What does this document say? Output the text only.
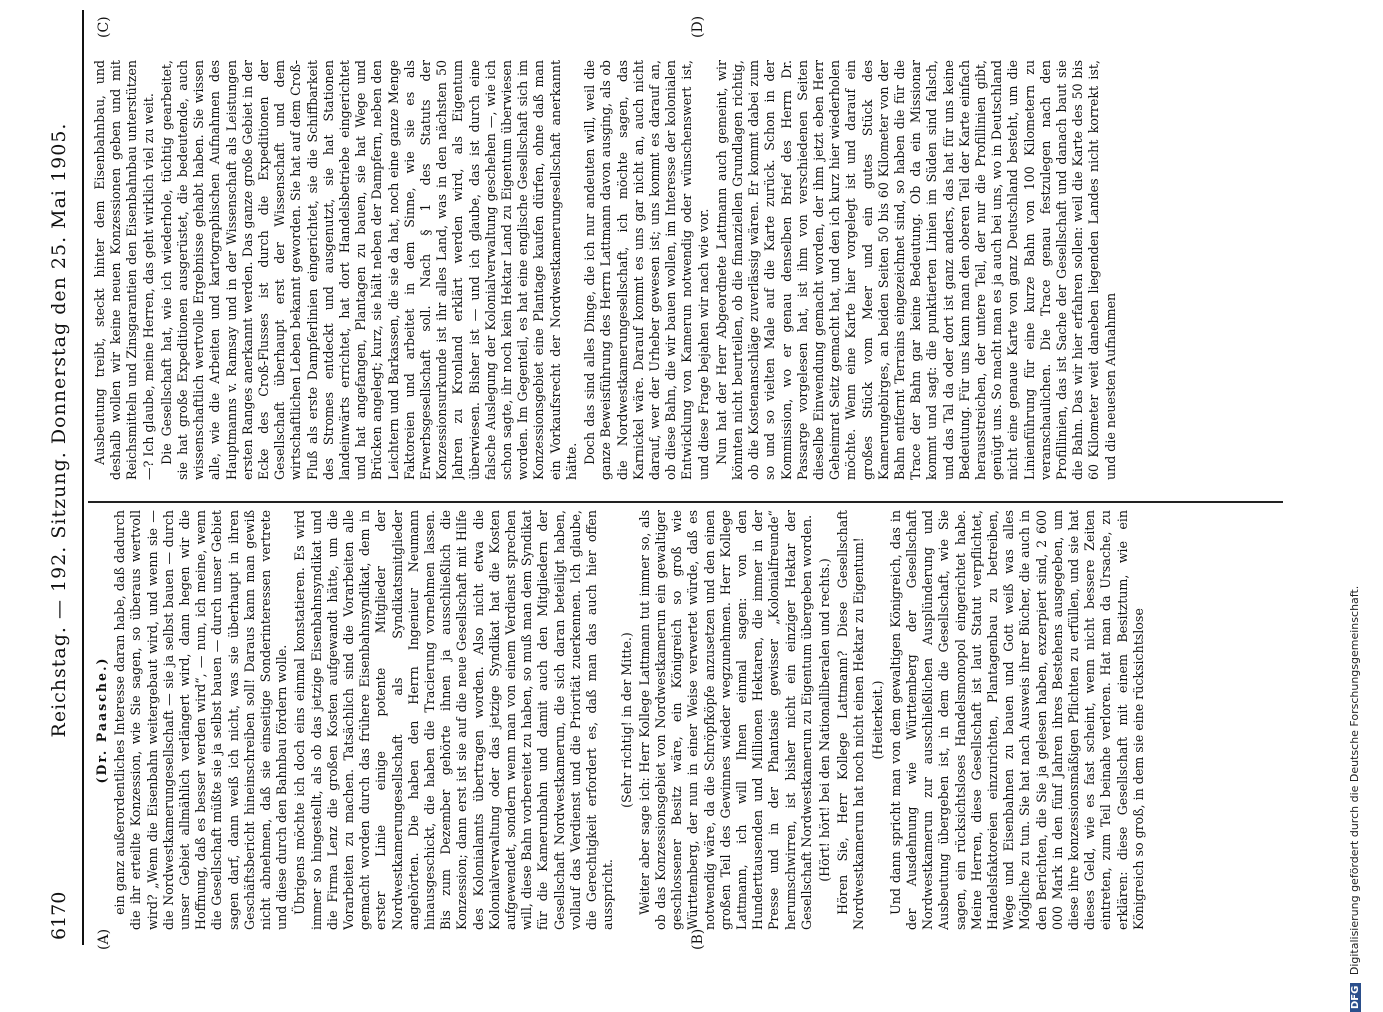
6170
Reichstag. — 192. Sitzung. Donnerstag den 25. Mai 1905.
(A)	(B)
(C)	(D)

(Dr. Paasche.) ein ganz außerordentliches Interesse daran habe, daß dadurch die ihr erteilte Konzession, wie Sie sagen, so überaus wertvoll wird? „Wenn die Eisenbahn weitergebaut wird, und wenn sie — die Nordwestkamerungesellschaft — sie ja selbst bauen — durch unser Gebiet allmählich verlängert wird, dann hegen wir die Hoffnung, daß es besser werden wird“, — nun, ich meine, wenn die Gesellschaft müßte sie ja selbst bauen — durch unser Gebiet sagen darf, dann weiß ich nicht, was sie überhaupt in ihren Geschäftsbericht hineinschreiben soll! Daraus kann man gewiß nicht abnehmen, daß sie einseitige Sonderinteressen vertrete und diese durch den Bahnbau fördern wolle. Übrigens möchte ich doch eins einmal konstatieren. Es wird immer so hingestellt, als ob das jetzige Eisenbahnsyndikat und die Firma Lenz die großen Kosten aufgewandt hätte, um die Vorarbeiten zu machen. Tatsächlich sind die Vorarbeiten alle gemacht worden durch das frühere Eisenbahnsyndikat, dem in erster Linie einige potente Mitglieder der Nordwestkamerungesellschaft als Syndikatsmitglieder angehörten. Die haben den Herrn Ingenieur Neumann hinausgeschickt, die haben die Tracierung vornehmen lassen. Bis zum Dezember gehörte ihnen ja ausschließlich die Konzession; dann erst ist sie auf die neue Gesellschaft mit Hilfe des Kolonialamts übertragen worden. Also nicht etwa die Kolonialverwaltung oder das jetzige Syndikat hat die Kosten aufgewendet, sondern wenn man von einem Verdienst sprechen will, diese Bahn vorbereitet zu haben, so muß man dem Syndikat für die Kamerunbahn und damit auch den Mitgliedern der Gesellschaft Nordwestkamerun, die sich daran beteiligt haben, vollauf das Verdienst und die Priorität zuerkennen. Ich glaube, die Gerechtigkeit erfordert es, daß man das auch hier offen ausspricht.

(Sehr richtig! in der Mitte.) Weiter aber sage ich: Herr Kollege Lattmann tut immer so, als ob das Konzessionsgebiet von Nordwestkamerun ein gewaltiger geschlossener Besitz wäre, ein Königreich so groß wie Württemberg, der nun in einer Weise verwertet würde, daß es notwendig wäre, da die Schröpfköpfe anzusetzen und den einen großen Teil des Gewinnes wieder wegzunehmen. Herr Kollege Lattmann, ich will Ihnen einmal sagen: von den Hunderttausenden und Millionen Hektaren, die immer in der Presse und in der Phantasie gewisser „Kolonialfreunde“ herumschwirren, ist bisher nicht ein einziger Hektar der Gesellschaft Nordwestkamerun zu Eigentum übergeben worden. (Hört! hört! bei den Nationalliberalen und rechts.) Hören Sie, Herr Kollege Lattmann? Diese Gesellschaft Nordwestkamerun hat noch nicht einen Hektar zu Eigentum! (Heiterkeit.) Und dann spricht man von dem gewaltigen Königreich, das in der Ausdehnung wie Württemberg der Gesellschaft Nordwestkamerun zur ausschließlichen Ausplünderung und Ausbeutung übergeben ist, in dem die Gesellschaft, wie Sie sagen, ein rücksichtsloses Handelsmonopol eingerichtet habe. Meine Herren, diese Gesellschaft ist laut Statut verpflichtet, Handelsfaktoreien einzurichten, Plantagenbau zu betreiben, Wege und Eisenbahnen zu bauen und Gott weiß was alles Mögliche zu tun. Sie hat nach Ausweis ihrer Bücher, die auch in den Berichten, die Sie ja gelesen haben, exzerpiert sind, 2 600 000 Mark in den fünf Jahren ihres Bestehens ausgegeben, um diese ihre konzessionsmäßigen Pflichten zu erfüllen, und sie hat dieses Geld, wie es fast scheint, wenn nicht bessere Zeiten eintreten, zum Teil beinahe verloren. Hat man da Ursache, zu erklären: diese Gesellschaft mit einem Besitztum, wie ein Königreich so groß, in dem sie eine rücksichtslose

Ausbeutung treibt, steckt hinter dem Eisenbahnbau, und deshalb wollen wir keine neuen Konzessionen geben und mit Reichsmitteln und Zinsgarantien den Eisenbahnbau unterstützen —? Ich glaube, meine Herren, das geht wirklich viel zu weit. Die Gesellschaft hat, wie ich wiederhole, tüchtig gearbeitet, sie hat große Expeditionen ausgerüstet, die bedeutende, auch wissenschaftlich wertvolle Ergebnisse gehabt haben. Sie wissen alle, wie die Arbeiten und kartographischen Aufnahmen des Hauptmanns v. Ramsay und in der Wissenschaft als Leistungen ersten Ranges anerkannt werden. Das ganze große Gebiet in der Ecke des Croß-Flusses ist durch die Expeditionen der Gesellschaft überhaupt erst der Wissenschaft und dem wirtschaftlichen Leben bekannt geworden. Sie hat auf dem Croß-Fluß als erste Dampferlinien eingerichtet, sie die Schiffbarkeit des Stromes entdeckt und ausgenutzt, sie hat Stationen landeinwärts errichtet, hat dort Handelsbetriebe eingerichtet und hat angefangen, Plantagen zu bauen, sie hat Wege und Brücken angelegt; kurz, sie hält neben der Dampfern, neben den Leichtern und Barkassen, die sie da hat, noch eine ganze Menge Faktoreien und arbeitet in dem Sinne, wie sie es als Erwerbsgesellschaft soll. Nach § 1 des Statuts der Konzessionsurkunde ist ihr alles Land, was in den nächsten 50 Jahren zu Kronland erklärt werden wird, als Eigentum überwiesen. Bisher ist — und ich glaube, das ist durch eine falsche Auslegung der Kolonialverwaltung geschehen —, wie ich schon sagte, ihr noch kein Hektar Land zu Eigentum überwiesen worden. Im Gegenteil, es hat eine englische Gesellschaft sich im Konzessionsgebiet eine Plantage kaufen dürfen, ohne daß man ein Vorkaufsrecht der Nordwestkamerungesellschaft anerkannt hätte. Doch das sind alles Dinge, die ich nur andeuten will, weil die ganze Beweisführung des Herrn Lattmann davon ausging, als ob die Nordwestkamerungesellschaft, ich möchte sagen, das Karnickel wäre. Darauf kommt es uns gar nicht an, auch nicht darauf, wer der Urheber gewesen ist; uns kommt es darauf an, ob diese Bahn, die wir bauen wollen, im Interesse der kolonialen Entwicklung von Kamerun notwendig oder wünschenswert ist, und diese Frage bejahen wir nach wie vor. Nun hat der Herr Abgeordnete Lattmann auch gemeint, wir könnten nicht beurteilen, ob die finanziellen Grundlagen richtig, ob die Kostenanschläge zuverlässig wären. Er kommt dabei zum so und so vielten Male auf die Karte zurück. Schon in der Kommission, wo er genau denselben Brief des Herrn Dr. Passarge vorgelesen hat, ist ihm von verschiedenen Seiten dieselbe Einwendung gemacht worden, der ihm jetzt eben Herr Geheimrat Seitz gemacht hat, und den ich kurz hier wiederholen möchte. Wenn eine Karte hier vorgelegt ist und darauf ein großes Stück vom Meer und ein gutes Stück des Kamerungebirges, an beiden Seiten 50 bis 60 Kilometer von der Bahn entfernt Terrains eingezeichnet sind, so haben die für die Trace der Bahn gar keine Bedeutung. Ob da ein Missionar kommt und sagt: die punktierten Linien im Süden sind falsch, und das Tal da oder dort ist ganz anders, das hat für uns keine Bedeutung. Für uns kann man den oberen Teil der Karte einfach herausstreichen, der untere Teil, der nur die Profillinien gibt, genügt uns. So macht man es ja auch bei uns, wo in Deutschland nicht eine genaue Karte von ganz Deutschland besteht, um die Linienführung für eine kurze Bahn von 100 Kilometern zu veranschaulichen. Die Trace genau festzulegen nach den Profillinien, das ist Sache der Gesellschaft und danach baut sie die Bahn. Das wir hier erfahren sollen: weil die Karte des 50 bis 60 Kilometer weit daneben liegenden Landes nicht korrekt ist, und die neuesten Aufnahmen

DFG Digitalisierung gefördert durch die Deutsche Forschungsgemeinschaft.
